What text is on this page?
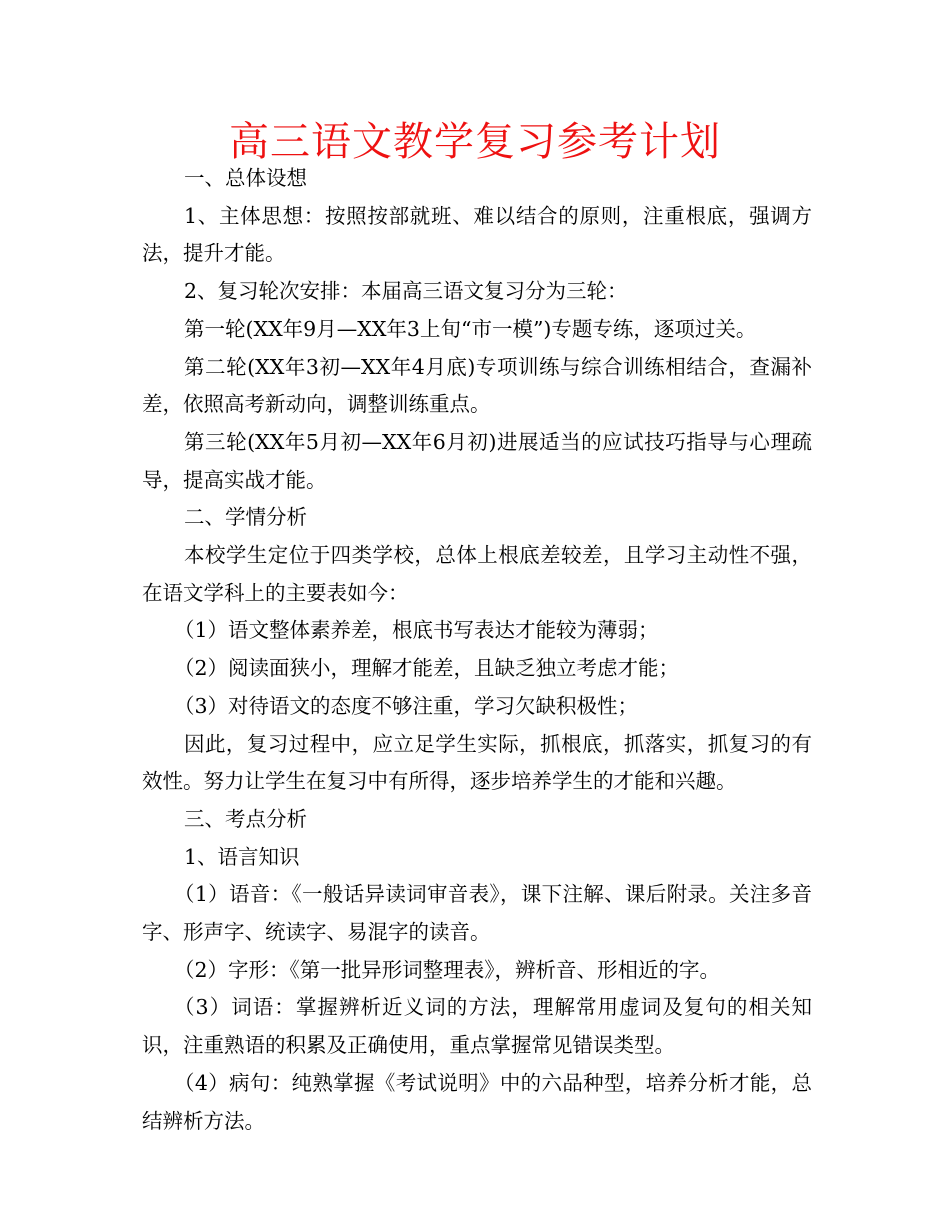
高三语文教学复习参考计划

一、总体设想

1、主体思想：按照按部就班、难以结合的原则，注重根底，强调方法，提升才能。

2、复习轮次安排：本届高三语文复习分为三轮：

第一轮(XX年9月—XX年3上旬“市一模”)专题专练，逐项过关。

第二轮(XX年3初—XX年4月底)专项训练与综合训练相结合，查漏补差，依照高考新动向，调整训练重点。

第三轮(XX年5月初—XX年6月初)进展适当的应试技巧指导与心理疏导，提高实战才能。

二、学情分析

本校学生定位于四类学校，总体上根底差较差，且学习主动性不强，在语文学科上的主要表如今：

（1）语文整体素养差，根底书写表达才能较为薄弱；

（2）阅读面狭小，理解才能差，且缺乏独立考虑才能；

（3）对待语文的态度不够注重，学习欠缺积极性；

因此，复习过程中，应立足学生实际，抓根底，抓落实，抓复习的有效性。努力让学生在复习中有所得，逐步培养学生的才能和兴趣。

三、考点分析

1、语言知识

（1）语音：《一般话异读词审音表》，课下注解、课后附录。关注多音字、形声字、统读字、易混字的读音。

（2）字形：《第一批异形词整理表》，辨析音、形相近的字。

（3）词语：掌握辨析近义词的方法，理解常用虚词及复句的相关知识，注重熟语的积累及正确使用，重点掌握常见错误类型。

（4）病句：纯熟掌握《考试说明》中的六品种型，培养分析才能，总结辨析方法。
